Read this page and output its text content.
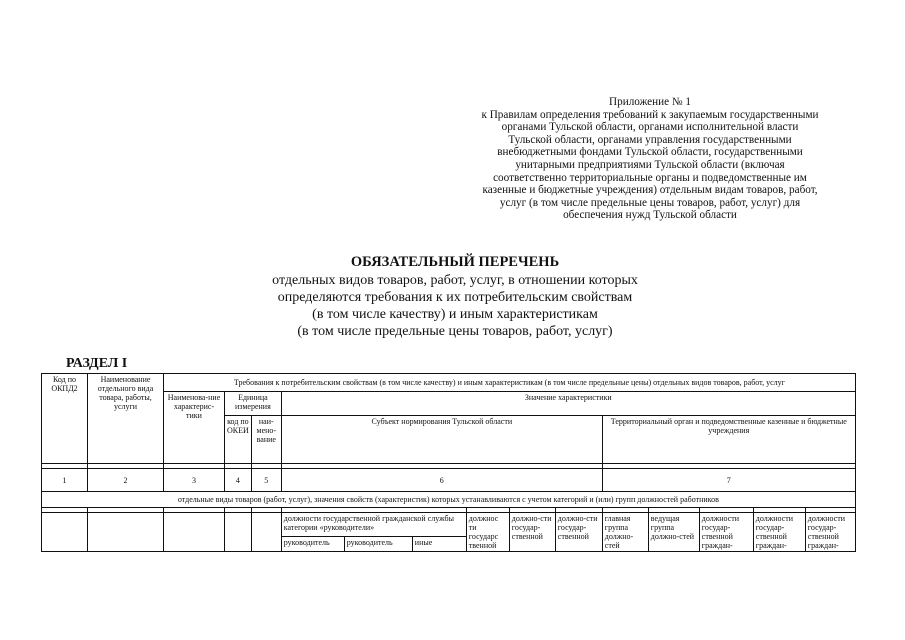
Приложение № 1
к Правилам определения требований к закупаемым государственными
органами Тульской области, органами исполнительной власти
Тульской области, органами управления государственными
внебюджетными фондами Тульской области, государственными
унитарными предприятиями Тульской области (включая
соответственно территориальные органы и подведомственные им
казенные и бюджетные учреждения) отдельным видам товаров, работ,
услуг (в том числе предельные цены товаров, работ, услуг) для
обеспечения нужд Тульской области
ОБЯЗАТЕЛЬНЫЙ ПЕРЕЧЕНЬ
отдельных видов товаров, работ, услуг, в отношении которых
определяются требования к их потребительским свойствам
(в том числе качеству) и иным характеристикам
(в том числе предельные цены товаров, работ, услуг)
РАЗДЕЛ I
Код по ОКПД2	Наименование отдельного вида товара, работы, услуги	Требования к потребительским свойствам (в том числе качеству) и иным характеристикам (в том числе предельные цены) отдельных видов товаров, работ, услуг													
		Наименова-ние характерис-тики	Единица измерения		Значение характеристики										
			код по ОКЕИ	наи-мено-вание	Субъект нормирования Тульской области						Территориальный орган и подведомственные казенные и бюджетные учреждения				

1	2	3	4	5	6						7				
отдельные виды товаров (работ, услуг), значения свойств (характеристик) которых устанавливаются с учетом категорий и (или) групп должностей работников															

					должности государственной гражданской службы категории «руководители»			должнос ти государс твенной	должно-сти государ-ственной	должно-сти государ-ственной	главная группа должно-стей	ведущая группа должно-стей	должности государ-ственной граждан-	должности государ-ственной граждан-	должности государ-ственной граждан-
					руководитель	руководитель	иные								
